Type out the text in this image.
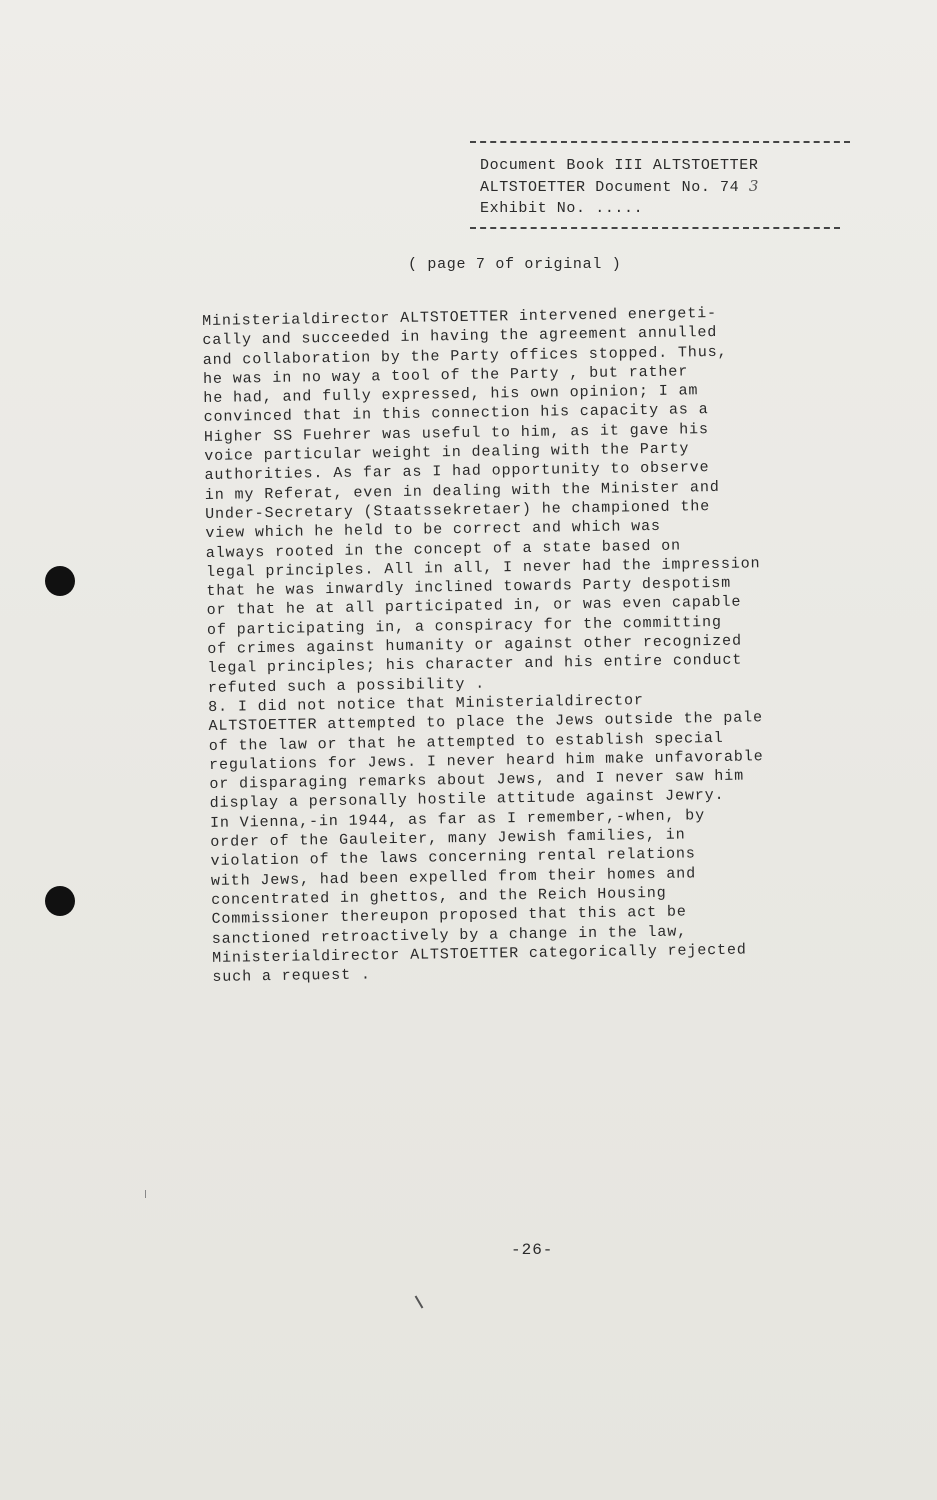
Document Book III ALTSTOETTER
ALTSTOETTER Document No. 74 3
Exhibit No. .....
( page 7 of original )
Ministerialdirector ALTSTOETTER intervened energeti-
cally and succeeded in having the agreement annulled
and collaboration by the Party offices stopped. Thus,
he was in no way a tool of the Party , but rather
he had, and fully expressed, his own opinion; I am
convinced that in this connection his capacity as a
Higher SS Fuehrer was useful to him, as it gave his
voice particular weight in dealing with the Party
authorities. As far as I had opportunity to observe
in my Referat, even in dealing with the Minister and
Under-Secretary (Staatssekretaer) he championed the
view which he held to be correct and which was
always rooted in the concept of a state based on
legal principles. All in all, I never had the impression
that he was inwardly inclined towards Party despotism
or that he at all participated in, or was even capable
of participating in, a conspiracy for the committing
of crimes against humanity or against other recognized
legal principles; his character and his entire conduct
refuted such a possibility .
8. I did not notice that Ministerialdirector
ALTSTOETTER attempted to place the Jews outside the pale
of the law or that he attempted to establish special
regulations for Jews. I never heard him make unfavorable
or disparaging remarks about Jews, and I never saw him
display a personally hostile attitude against Jewry.
In Vienna,-in 1944, as far as I remember,-when, by
order of the Gauleiter, many Jewish families, in
violation of the laws concerning rental relations
with Jews, had been expelled from their homes and
concentrated in ghettos, and the Reich Housing
Commissioner thereupon proposed that this act be
sanctioned retroactively by a change in the law,
Ministerialdirector ALTSTOETTER categorically rejected
such a request .
-26-
